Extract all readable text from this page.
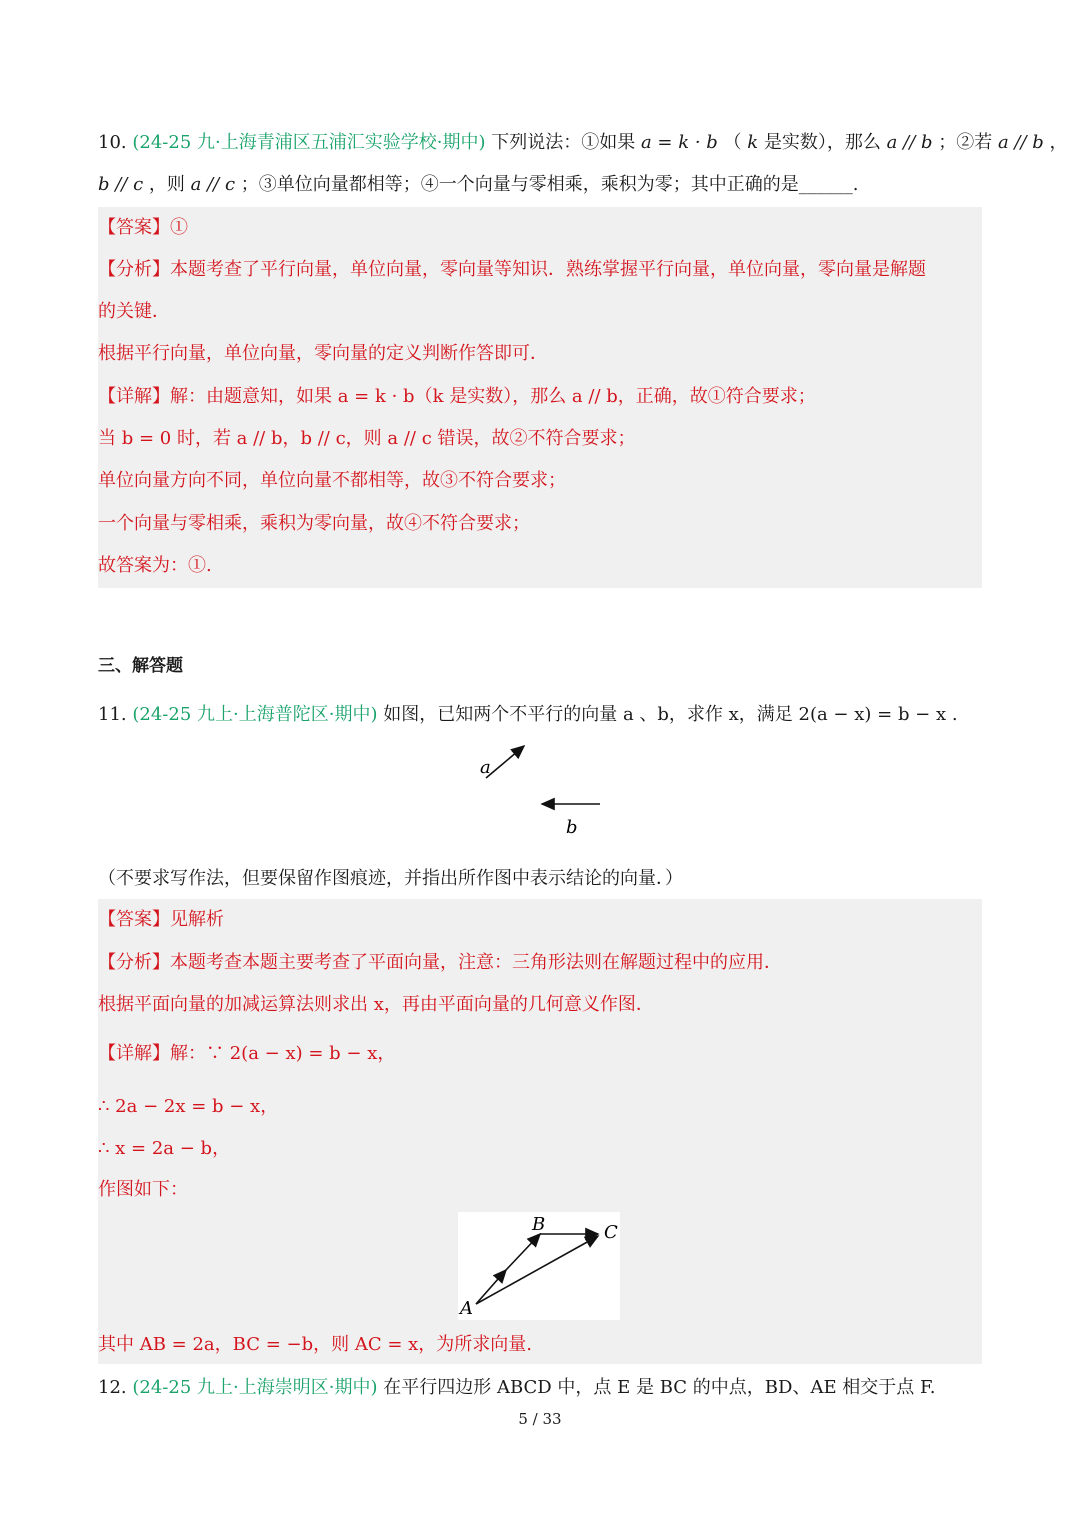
10. (24-25 九·上海青浦区五浦汇实验学校·期中) 下列说法：①如果 a = k · b （ k 是实数），那么 a // b ；②若 a // b ，
b // c ，则 a // c ；③单位向量都相等；④一个向量与零相乘，乘积为零；其中正确的是______.
【答案】①
【分析】本题考查了平行向量，单位向量，零向量等知识．熟练掌握平行向量，单位向量，零向量是解题
的关键．
根据平行向量，单位向量，零向量的定义判断作答即可．
【详解】解：由题意知，如果 a = k · b（k 是实数），那么 a // b，正确，故①符合要求；
当 b = 0 时，若 a // b，b // c，则 a // c 错误，故②不符合要求；
单位向量方向不同，单位向量不都相等，故③不符合要求；
一个向量与零相乘，乘积为零向量，故④不符合要求；
故答案为：①.
三、解答题
11. (24-25 九上·上海普陀区·期中) 如图，已知两个不平行的向量 a 、b，求作 x，满足 2(a − x) = b − x .
a
b
（不要求写作法，但要保留作图痕迹，并指出所作图中表示结论的向量．）
【答案】见解析
【分析】本题考查本题主要考查了平面向量，注意：三角形法则在解题过程中的应用．
根据平面向量的加减运算法则求出 x，再由平面向量的几何意义作图．
【详解】解：∵ 2(a − x) = b − x，
∴ 2a − 2x = b − x，
∴ x = 2a − b，
作图如下：
A
B	C
其中 AB = 2a，BC = −b，则 AC = x，为所求向量.
12. (24-25 九上·上海崇明区·期中) 在平行四边形 ABCD 中，点 E 是 BC 的中点，BD、AE 相交于点 F.
5 / 33
